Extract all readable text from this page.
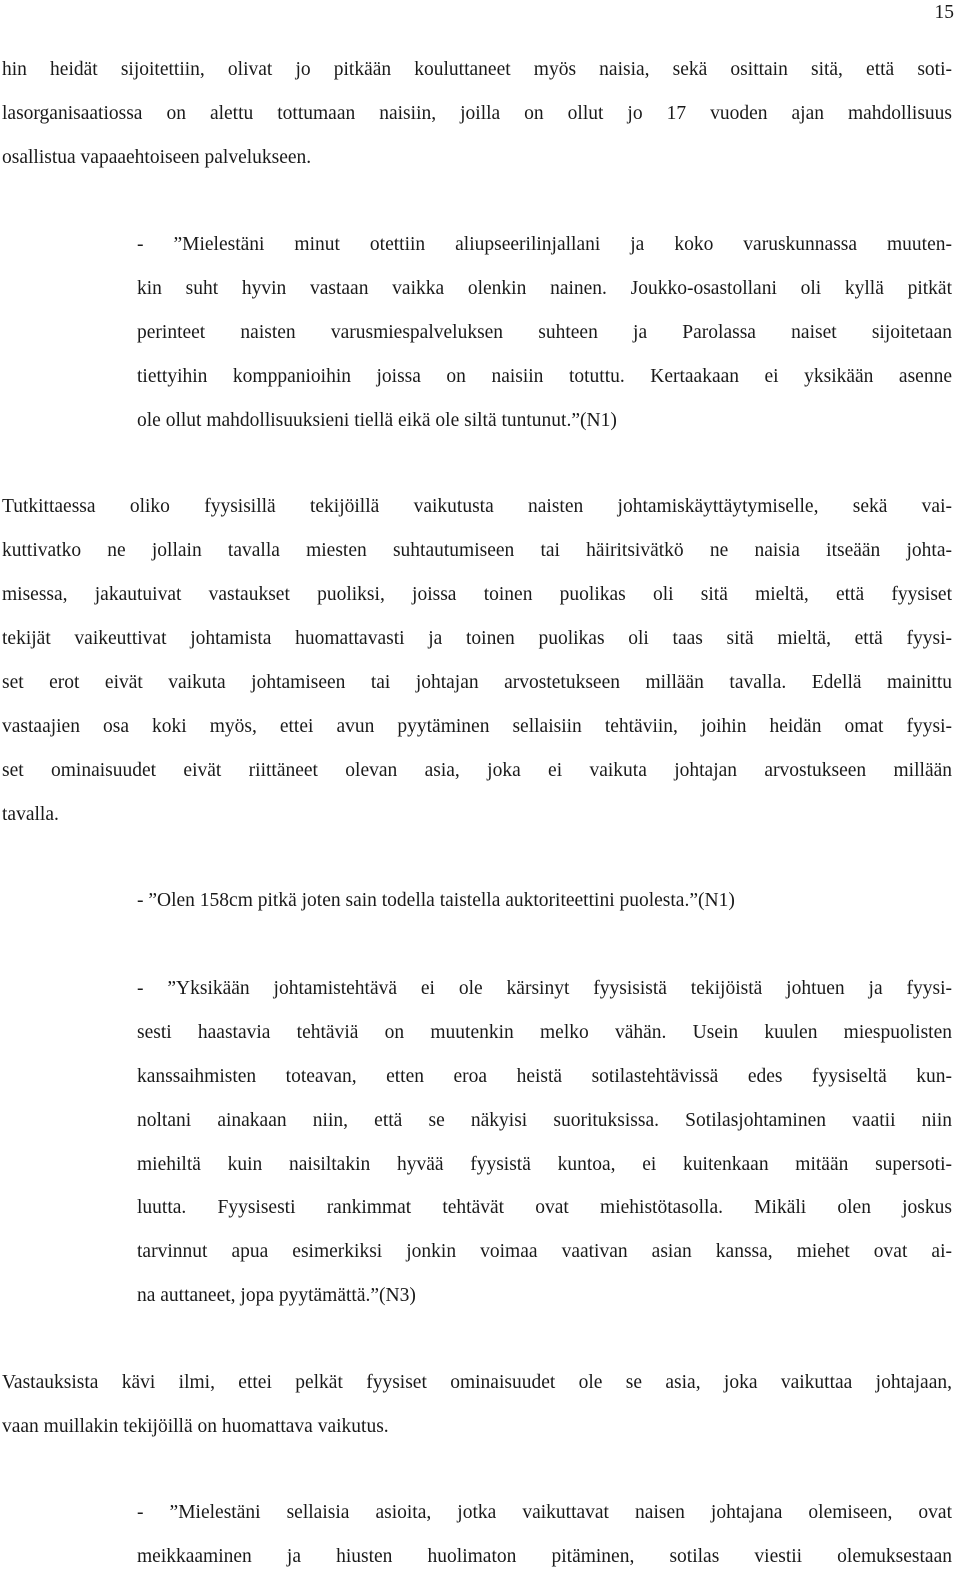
15
hin heidät sijoitettiin, olivat jo pitkään kouluttaneet myös naisia, sekä osittain sitä, että soti-
lasorganisaatiossa on alettu tottumaan naisiin, joilla on ollut jo 17 vuoden ajan mahdollisuus
osallistua vapaaehtoiseen palvelukseen.
- ”Mielestäni minut otettiin aliupseerilinjallani ja koko varuskunnassa muuten-
kin suht hyvin vastaan vaikka olenkin nainen. Joukko-osastollani oli kyllä pitkät
perinteet naisten varusmiespalveluksen suhteen ja Parolassa naiset sijoitetaan
tiettyihin komppanioihin joissa on naisiin totuttu. Kertaakaan ei yksikään asenne
ole ollut mahdollisuuksieni tiellä eikä ole siltä tuntunut.”(N1)
Tutkittaessa oliko fyysisillä tekijöillä vaikutusta naisten johtamiskäyttäytymiselle, sekä vai-
kuttivatko ne jollain tavalla miesten suhtautumiseen tai häiritsivätkö ne naisia itseään johta-
misessa, jakautuivat vastaukset puoliksi, joissa toinen puolikas oli sitä mieltä, että fyysiset
tekijät vaikeuttivat johtamista huomattavasti ja toinen puolikas oli taas sitä mieltä, että fyysi-
set erot eivät vaikuta johtamiseen tai johtajan arvostetukseen millään tavalla. Edellä mainittu
vastaajien osa koki myös, ettei avun pyytäminen sellaisiin tehtäviin, joihin heidän omat fyysi-
set ominaisuudet eivät riittäneet olevan asia, joka ei vaikuta johtajan arvostukseen millään
tavalla.
- ”Olen 158cm pitkä joten sain todella taistella auktoriteettini puolesta.”(N1)
- ”Yksikään johtamistehtävä ei ole kärsinyt fyysisistä tekijöistä johtuen ja fyysi-
sesti haastavia tehtäviä on muutenkin melko vähän. Usein kuulen miespuolisten
kanssaihmisten toteavan, etten eroa heistä sotilastehtävissä edes fyysiseltä kun-
noltani ainakaan niin, että se näkyisi suorituksissa. Sotilasjohtaminen vaatii niin
miehiltä kuin naisiltakin hyvää fyysistä kuntoa, ei kuitenkaan mitään supersoti-
luutta. Fyysisesti rankimmat tehtävät ovat miehistötasolla. Mikäli olen joskus
tarvinnut apua esimerkiksi jonkin voimaa vaativan asian kanssa, miehet ovat ai-
na auttaneet, jopa pyytämättä.”(N3)
Vastauksista kävi ilmi, ettei pelkät fyysiset ominaisuudet ole se asia, joka vaikuttaa johtajaan,
vaan muillakin tekijöillä on huomattava vaikutus.
- ”Mielestäni sellaisia asioita, jotka vaikuttavat naisen johtajana olemiseen, ovat
meikkaaminen ja hiusten huolimaton pitäminen, sotilas viestii olemuksestaan
